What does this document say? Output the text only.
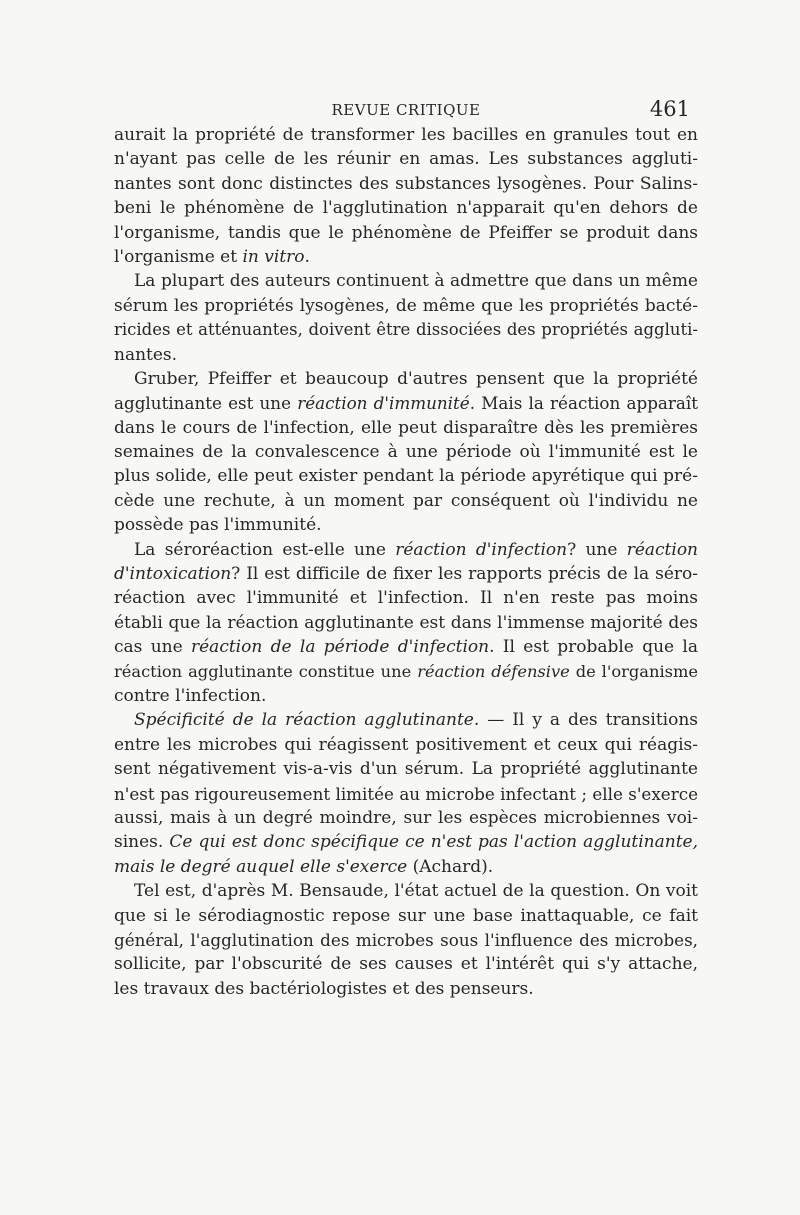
REVUE CRITIQUE	461
aurait la propriété de transformer les bacilles en granules tout en
n'ayant pas celle de les réunir en amas. Les substances aggluti-
nantes sont donc distinctes des substances lysogènes. Pour Salins-
beni le phénomène de l'agglutination n'apparait qu'en dehors de
l'organisme, tandis que le phénomène de Pfeiffer se produit dans
l'organisme et in vitro.
La plupart des auteurs continuent à admettre que dans un même
sérum les propriétés lysogènes, de même que les propriétés bacté-
ricides et atténuantes, doivent être dissociées des propriétés aggluti-
nantes.
Gruber, Pfeiffer et beaucoup d'autres pensent que la propriété
agglutinante est une réaction d'immunité. Mais la réaction apparaît
dans le cours de l'infection, elle peut disparaître dès les premières
semaines de la convalescence à une période où l'immunité est le
plus solide, elle peut exister pendant la période apyrétique qui pré-
cède une rechute, à un moment par conséquent où l'individu ne
possède pas l'immunité.
La séroréaction est-elle une réaction d'infection? une réaction
d'intoxication? Il est difficile de fixer les rapports précis de la séro-
réaction avec l'immunité et l'infection. Il n'en reste pas moins
établi que la réaction agglutinante est dans l'immense majorité des
cas une réaction de la période d'infection. Il est probable que la
réaction agglutinante constitue une réaction défensive de l'organisme
contre l'infection.
Spécificité de la réaction agglutinante. — Il y a des transitions
entre les microbes qui réagissent positivement et ceux qui réagis-
sent négativement vis-a-vis d'un sérum. La propriété agglutinante
n'est pas rigoureusement limitée au microbe infectant ; elle s'exerce
aussi, mais à un degré moindre, sur les espèces microbiennes voi-
sines. Ce qui est donc spécifique ce n'est pas l'action agglutinante,
mais le degré auquel elle s'exerce (Achard).
Tel est, d'après M. Bensaude, l'état actuel de la question. On voit
que si le sérodiagnostic repose sur une base inattaquable, ce fait
général, l'agglutination des microbes sous l'influence des microbes,
sollicite, par l'obscurité de ses causes et l'intérêt qui s'y attache,
les travaux des bactériologistes et des penseurs.
